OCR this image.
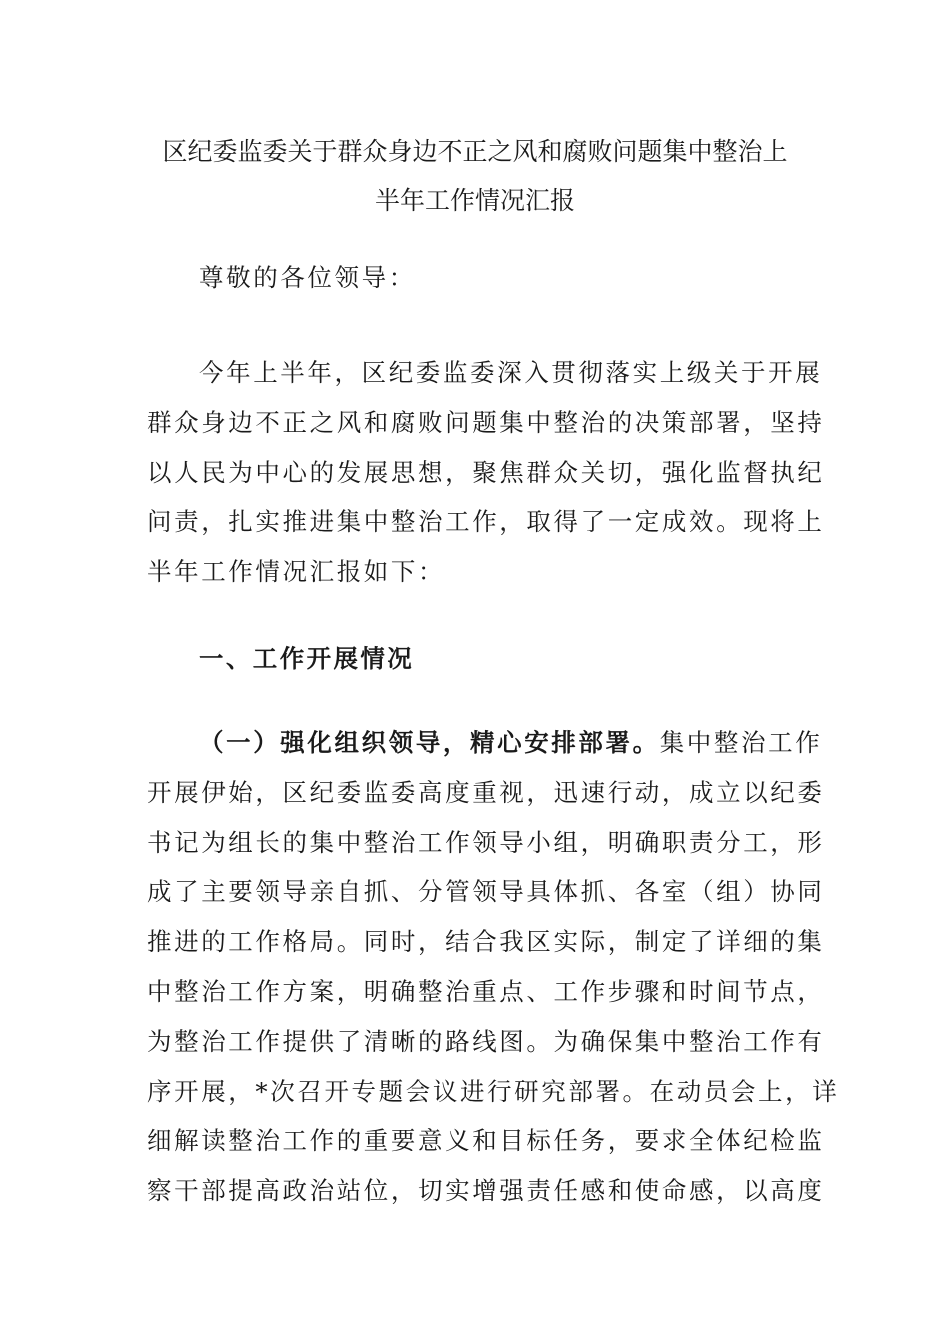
区纪委监委关于群众身边不正之风和腐败问题集中整治上
半年工作情况汇报

尊敬的各位领导：

今年上半年，区纪委监委深入贯彻落实上级关于开展
群众身边不正之风和腐败问题集中整治的决策部署，坚持
以人民为中心的发展思想，聚焦群众关切，强化监督执纪
问责，扎实推进集中整治工作，取得了一定成效。现将上
半年工作情况汇报如下：

一、工作开展情况

（一）强化组织领导，精心安排部署。集中整治工作
开展伊始，区纪委监委高度重视，迅速行动，成立以纪委
书记为组长的集中整治工作领导小组，明确职责分工，形
成了主要领导亲自抓、分管领导具体抓、各室（组）协同
推进的工作格局。同时，结合我区实际，制定了详细的集
中整治工作方案，明确整治重点、工作步骤和时间节点，
为整治工作提供了清晰的路线图。为确保集中整治工作有
序开展，*次召开专题会议进行研究部署。在动员会上，详
细解读整治工作的重要意义和目标任务，要求全体纪检监
察干部提高政治站位，切实增强责任感和使命感，以高度
